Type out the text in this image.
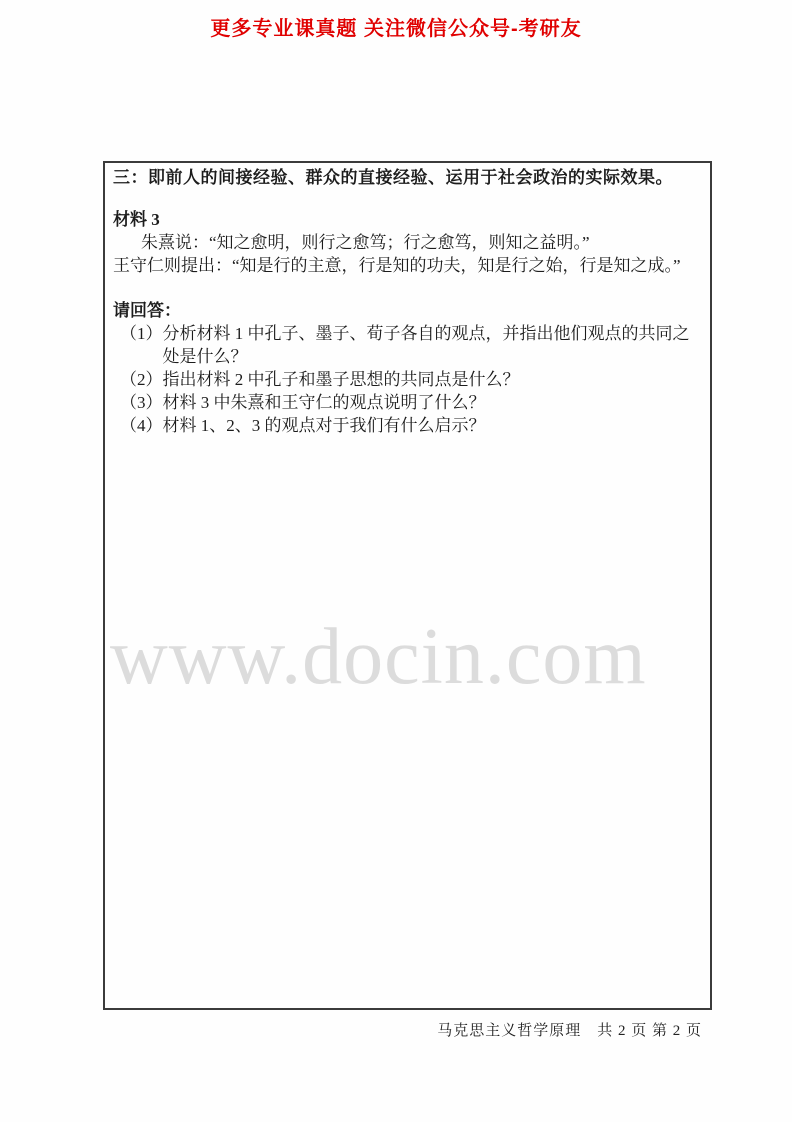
更多专业课真题 关注微信公众号-考研友

三：即前人的间接经验、群众的直接经验、运用于社会政治的实际效果。

材料 3

朱熹说：“知之愈明，则行之愈笃；行之愈笃，则知之益明。”

王守仁则提出：“知是行的主意，行是知的功夫，知是行之始，行是知之成。”

请回答：

（1） 分析材料 1 中孔子、墨子、荀子各自的观点，并指出他们观点的共同之处是什么？
（2） 指出材料 2 中孔子和墨子思想的共同点是什么？
（3） 材料 3 中朱熹和王守仁的观点说明了什么？
（4） 材料 1、2、3 的观点对于我们有什么启示？
www.docin.com
马克思主义哲学原理　共 2 页 第 2 页
